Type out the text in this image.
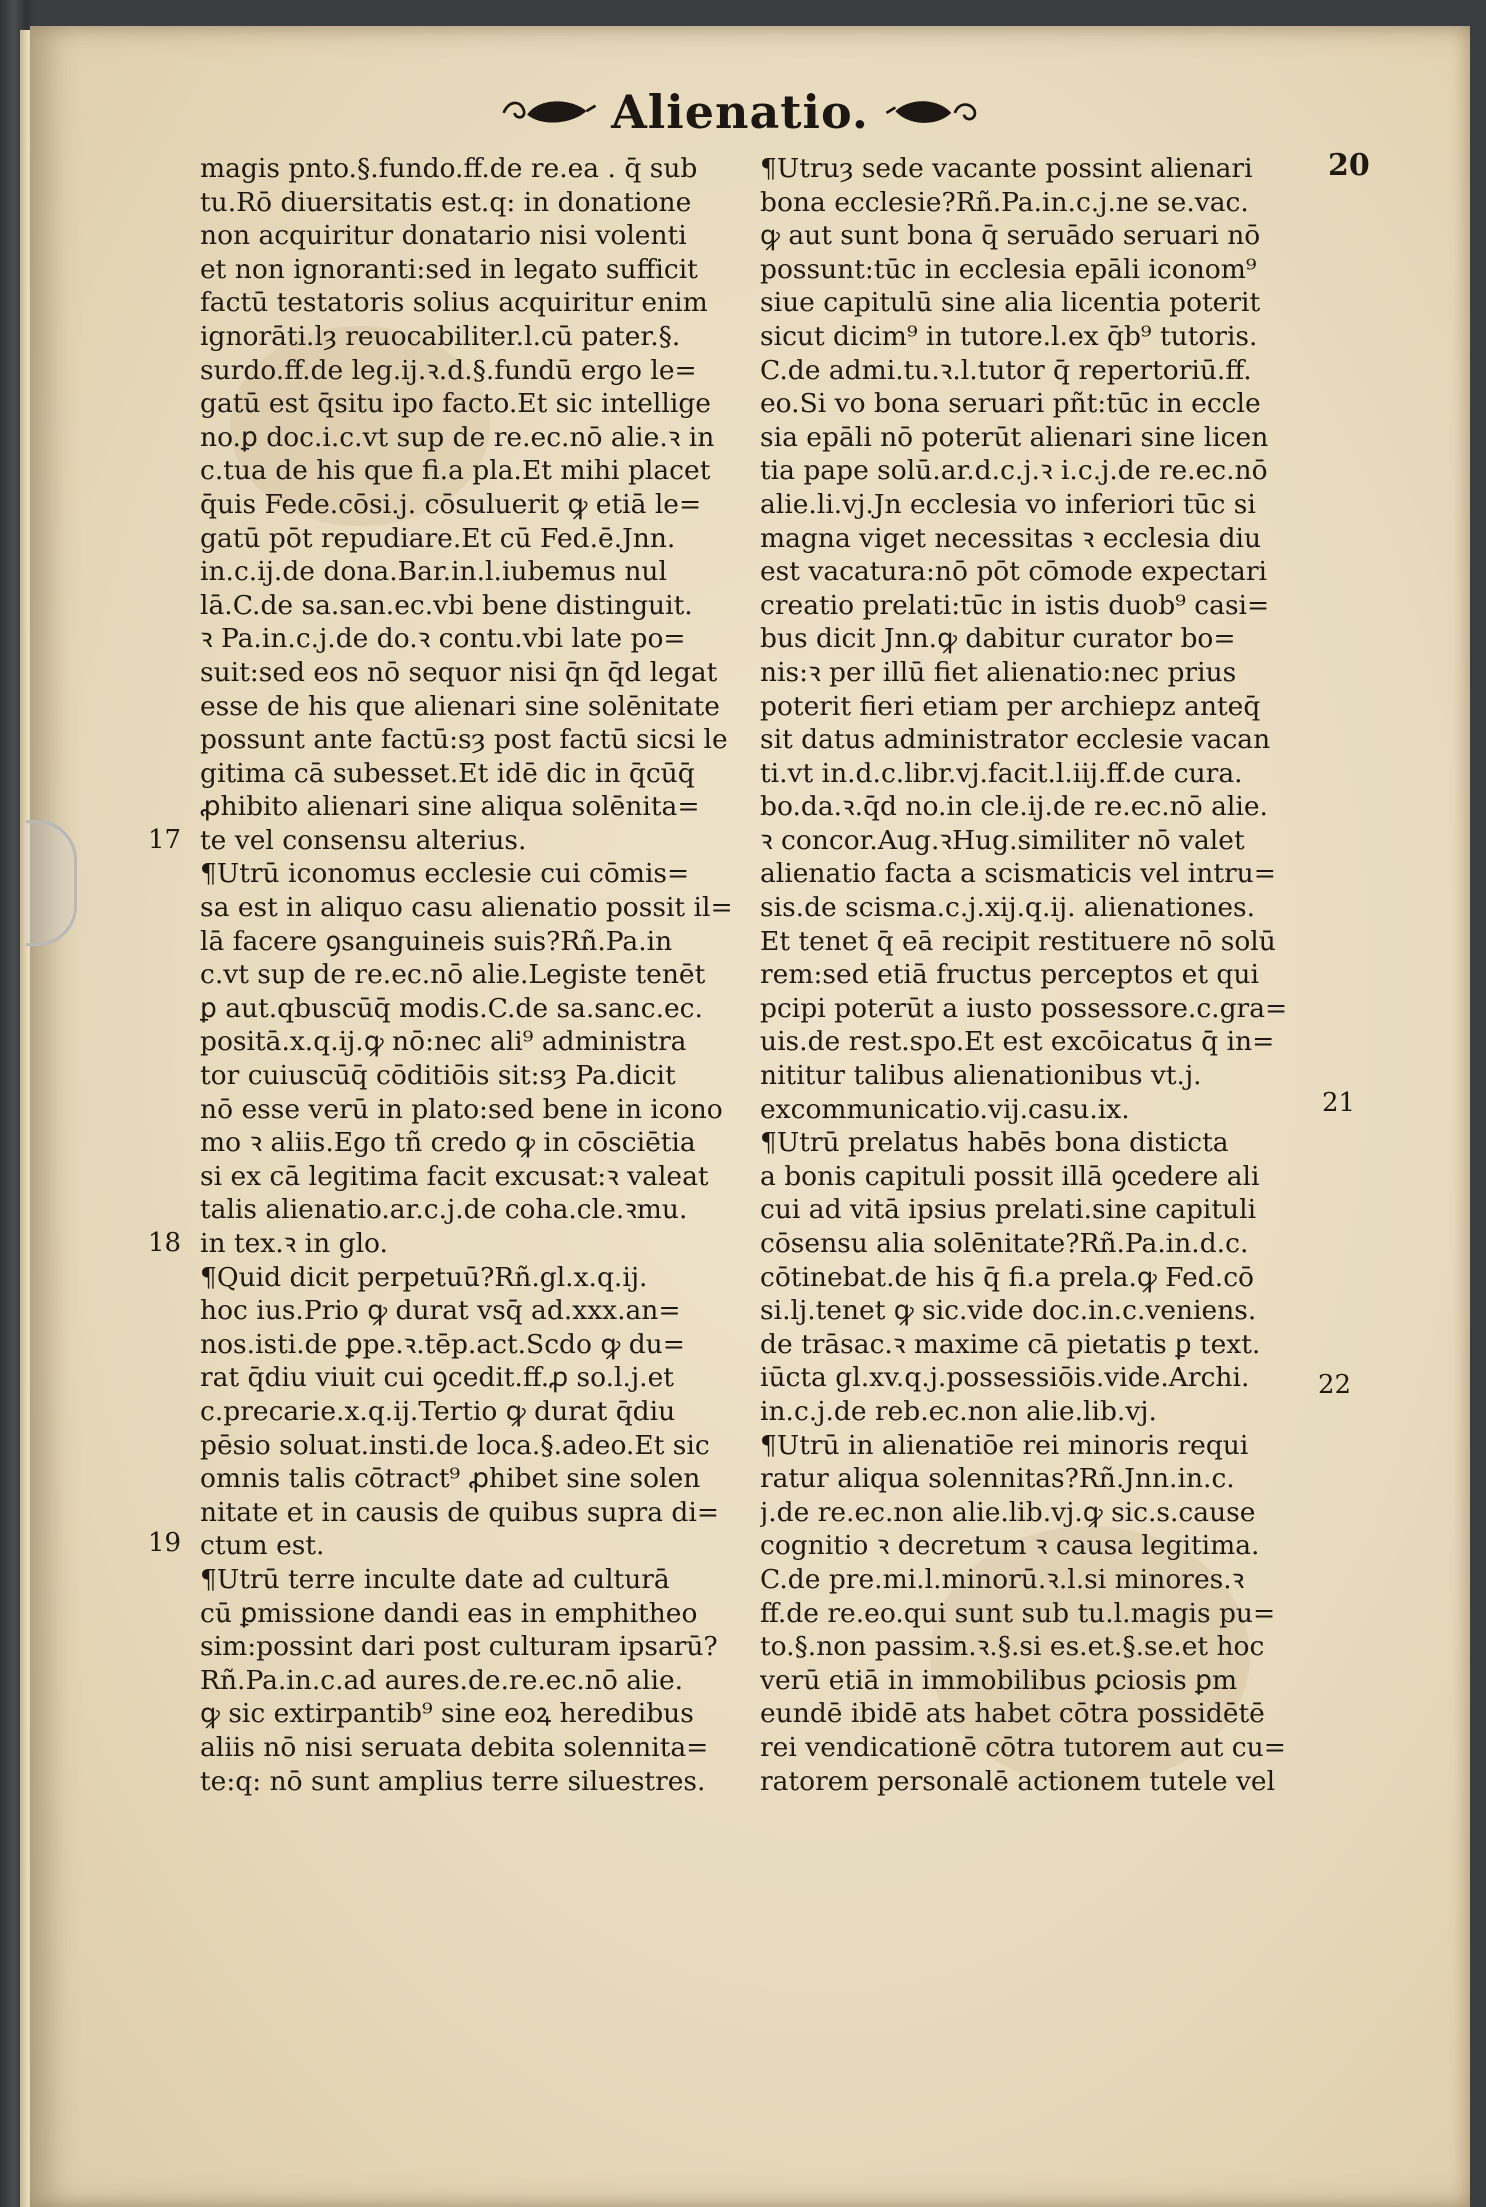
Alienatio.
20
magis pnto.§.fundo.ff.de re.ea . q̄ sub
tu.Rō diuersitatis est.q: in donatione
non acquiritur donatario nisi volenti
et non ignoranti:sed in legato sufficit
factū testatoris solius acquiritur enim
ignorāti.lȝ reuocabiliter.l.cū pater.§.
surdo.ff.de leg.ij.ꝛ.d.§.fundū ergo le=
gatū est q̄situ ipo facto.Et sic intellige
no.ꝑ doc.i.c.vt sup de re.ec.nō alie.ꝛ in
c.tua de his que fi.a pla.Et mihi placet
q̄uis Fede.cōsi.j. cōsuluerit ꝙ etiā le=
gatū pōt repudiare.Et cū Fed.ē.Jnn.
in.c.ij.de dona.Bar.in.l.iubemus nul
lā.C.de sa.san.ec.vbi bene distinguit.
ꝛ Pa.in.c.j.de do.ꝛ contu.vbi late po=
suit:sed eos nō sequor nisi q̄n q̄d legat
esse de his que alienari sine solēnitate
possunt ante factū:sȝ post factū sicsi le
gitima cā subesset.Et idē dic in q̄cūq̄
ꝓhibito alienari sine aliqua solēnita=
te vel consensu alterius.
¶Utrū iconomus ecclesie cui cōmis=
sa est in aliquo casu alienatio possit il=
lā facere ꝯsanguineis suis?Rñ.Pa.in
c.vt sup de re.ec.nō alie.Legiste tenēt
ꝑ aut.qbuscūq̄ modis.C.de sa.sanc.ec.
positā.x.q.ij.ꝙ nō:nec ali⁹ administra
tor cuiuscūq̄ cōditiōis sit:sȝ Pa.dicit
nō esse verū in plato:sed bene in icono
mo ꝛ aliis.Ego tñ credo ꝙ in cōsciētia
si ex cā legitima facit excusat:ꝛ valeat
talis alienatio.ar.c.j.de coha.cle.ꝛmu.
in tex.ꝛ in glo.
¶Quid dicit perpetuū?Rñ.gl.x.q.ij.
hoc ius.Prio ꝙ durat vsq̄ ad.xxx.an=
nos.isti.de ꝑpe.ꝛ.tēp.act.Scdo ꝙ du=
rat q̄diu viuit cui ꝯcedit.ff.ꝓ so.l.j.et
c.precarie.x.q.ij.Tertio ꝙ durat q̄diu
pēsio soluat.insti.de loca.§.adeo.Et sic
omnis talis cōtract⁹ ꝓhibet sine solen
nitate et in causis de quibus supra di=
ctum est.
¶Utrū terre inculte date ad culturā
cū ꝑmissione dandi eas in emphitheo
sim:possint dari post culturam ipsarū?
Rñ.Pa.in.c.ad aures.de.re.ec.nō alie.
ꝙ sic extirpantib⁹ sine eoꝝ heredibus
aliis nō nisi seruata debita solennita=
te:q: nō sunt amplius terre siluestres.
¶Utruȝ sede vacante possint alienari
bona ecclesie?Rñ.Pa.in.c.j.ne se.vac.
ꝙ aut sunt bona q̄ seruādo seruari nō
possunt:tūc in ecclesia epāli iconom⁹
siue capitulū sine alia licentia poterit
sicut dicim⁹ in tutore.l.ex q̄b⁹ tutoris.
C.de admi.tu.ꝛ.l.tutor q̄ repertoriū.ff.
eo.Si vo bona seruari pñt:tūc in eccle
sia epāli nō poterūt alienari sine licen
tia pape solū.ar.d.c.j.ꝛ i.c.j.de re.ec.nō
alie.li.vj.Jn ecclesia vo inferiori tūc si
magna viget necessitas ꝛ ecclesia diu
est vacatura:nō pōt cōmode expectari
creatio prelati:tūc in istis duob⁹ casi=
bus dicit Jnn.ꝙ dabitur curator bo=
nis:ꝛ per illū fiet alienatio:nec prius
poterit fieri etiam per archiepz anteq̄
sit datus administrator ecclesie vacan
ti.vt in.d.c.libr.vj.facit.l.iij.ff.de cura.
bo.da.ꝛ.q̄d no.in cle.ij.de re.ec.nō alie.
ꝛ concor.Aug.ꝛHug.similiter nō valet
alienatio facta a scismaticis vel intru=
sis.de scisma.c.j.xij.q.ij. alienationes.
Et tenet q̄ eā recipit restituere nō solū
rem:sed etiā fructus perceptos et qui
pcipi poterūt a iusto possessore.c.gra=
uis.de rest.spo.Et est excōicatus q̄ in=
nititur talibus alienationibus vt.j.
excommunicatio.vij.casu.ix.
¶Utrū prelatus habēs bona disticta
a bonis capituli possit illā ꝯcedere ali
cui ad vitā ipsius prelati.sine capituli
cōsensu alia solēnitate?Rñ.Pa.in.d.c.
cōtinebat.de his q̄ fi.a prela.ꝙ Fed.cō
si.lj.tenet ꝙ sic.vide doc.in.c.veniens.
de trāsac.ꝛ maxime cā pietatis ꝑ text.
iūcta gl.xv.q.j.possessiōis.vide.Archi.
in.c.j.de reb.ec.non alie.lib.vj.
¶Utrū in alienatiōe rei minoris requi
ratur aliqua solennitas?Rñ.Jnn.in.c.
j.de re.ec.non alie.lib.vj.ꝙ sic.s.cause
cognitio ꝛ decretum ꝛ causa legitima.
C.de pre.mi.l.minorū.ꝛ.l.si minores.ꝛ
ff.de re.eo.qui sunt sub tu.l.magis pu=
to.§.non passim.ꝛ.§.si es.et.§.se.et hoc
verū etiā in immobilibus ꝑciosis ꝑm
eundē ibidē ats habet cōtra possidētē
rei vendicationē cōtra tutorem aut cu=
ratorem personalē actionem tutele vel
17
18
19
21
22
